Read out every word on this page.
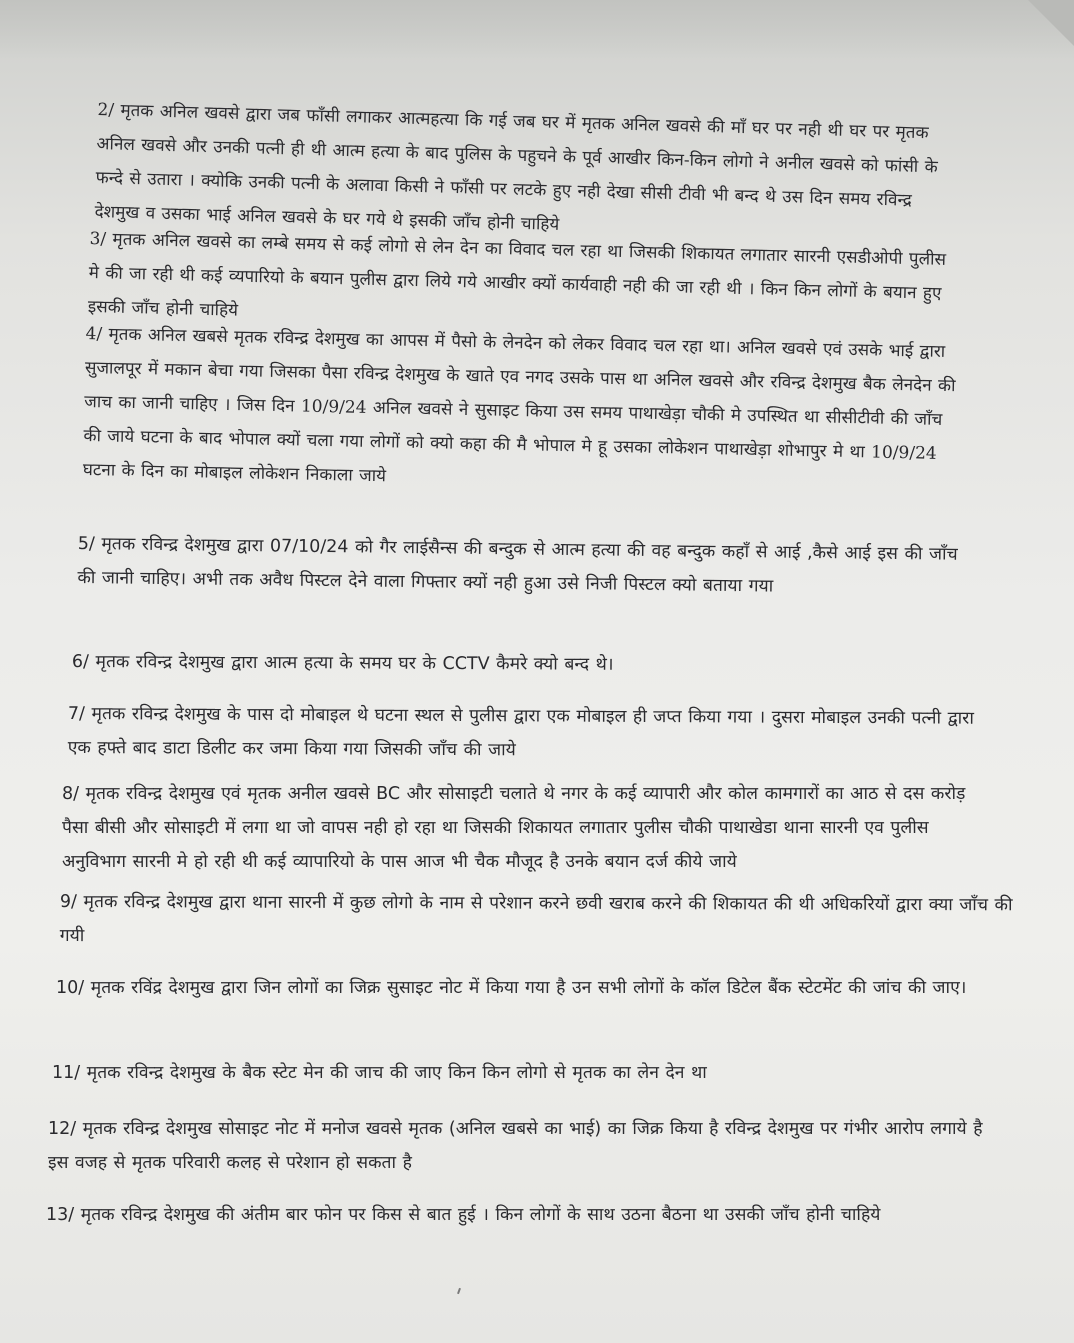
2/ मृतक अनिल खवसे द्वारा जब फाँसी लगाकर आत्महत्या कि गई जब घर में मृतक अनिल खवसे की माँ घर पर नही थी घर पर मृतक अनिल खवसे और उनकी पत्नी ही थी आत्म हत्या के बाद पुलिस के पहुचने के पूर्व आखीर किन-किन लोगो ने अनील खवसे को फांसी के फन्दे से उतारा । क्योकि उनकी पत्नी के अलावा किसी ने फाँसी पर लटके हुए नही देखा सीसी टीवी भी बन्द थे उस दिन समय रविन्द्र देशमुख व उसका भाई अनिल खवसे के घर गये थे इसकी जाँच होनी चाहिये

3/ मृतक अनिल खवसे का लम्बे समय से कई लोगो से लेन देन का विवाद चल रहा था जिसकी शिकायत लगातार सारनी एसडीओपी पुलीस मे की जा रही थी कई व्यपारियो के बयान पुलीस द्वारा लिये गये आखीर क्यों कार्यवाही नही की जा रही थी । किन किन लोगों के बयान हुए इसकी जाँच होनी चाहिये

4/ मृतक अनिल खबसे मृतक रविन्द्र देशमुख का आपस में पैसो के लेनदेन को लेकर विवाद चल रहा था। अनिल खवसे एवं उसके भाई द्वारा सुजालपूर में मकान बेचा गया जिसका पैसा रविन्द्र देशमुख के खाते एव नगद उसके पास था अनिल खवसे और रविन्द्र देशमुख बैक लेनदेन की जाच का जानी चाहिए । जिस दिन 10/9/24 अनिल खवसे ने सुसाइट किया उस समय पाथाखेड़ा चौकी मे उपस्थित था सीसीटीवी की जाँच की जाये घटना के बाद भोपाल क्यों चला गया लोगों को क्यो कहा की मै भोपाल मे हू उसका लोकेशन पाथाखेड़ा शोभापुर मे था 10/9/24 घटना के दिन का मोबाइल लोकेशन निकाला जाये

5/ मृतक रविन्द्र देशमुख द्वारा 07/10/24 को गैर लाईसैन्स की बन्दुक से आत्म हत्या की वह बन्दुक कहाँ से आई ,कैसे आई इस की जाँच की जानी चाहिए। अभी तक अवैध पिस्टल देने वाला गिफ्तार क्यों नही हुआ उसे निजी पिस्टल क्यो बताया गया

6/ मृतक रविन्द्र देशमुख द्वारा आत्म हत्या के समय घर के CCTV कैमरे क्यो बन्द थे।

7/ मृतक रविन्द्र देशमुख के पास दो मोबाइल थे घटना स्थल से पुलीस द्वारा एक मोबाइल ही जप्त किया गया । दुसरा मोबाइल उनकी पत्नी द्वारा एक हफ्ते बाद डाटा डिलीट कर जमा किया गया जिसकी जाँच की जाये

8/ मृतक रविन्द्र देशमुख एवं मृतक अनील खवसे BC और सोसाइटी चलाते थे नगर के कई व्यापारी और कोल कामगारों का आठ से दस करोड़ पैसा बीसी और सोसाइटी में लगा था जो वापस नही हो रहा था जिसकी शिकायत लगातार पुलीस चौकी पाथाखेडा थाना सारनी एव पुलीस अनुविभाग सारनी मे हो रही थी कई व्यापारियो के पास आज भी चैक मौजूद है उनके बयान दर्ज कीये जाये

9/ मृतक रविन्द्र देशमुख द्वारा थाना सारनी में कुछ लोगो के नाम से परेशान करने छवी खराब करने की शिकायत की थी अधिकरियों द्वारा क्या जाँच की गयी

10/ मृतक रविंद्र देशमुख द्वारा जिन लोगों का जिक्र सुसाइट नोट में किया गया है उन सभी लोगों के कॉल डिटेल बैंक स्टेटमेंट की जांच की जाए।

11/ मृतक रविन्द्र देशमुख के बैक स्टेट मेन की जाच की जाए किन किन लोगो से मृतक का लेन देन था

12/ मृतक रविन्द्र देशमुख सोसाइट नोट में मनोज खवसे मृतक (अनिल खबसे का भाई) का जिक्र किया है रविन्द्र देशमुख पर गंभीर आरोप लगाये है इस वजह से मृतक परिवारी कलह से परेशान हो सकता है

13/ मृतक रविन्द्र देशमुख की अंतीम बार फोन पर किस से बात हुई । किन लोगों के साथ उठना बैठना था उसकी जाँच होनी चाहिये
